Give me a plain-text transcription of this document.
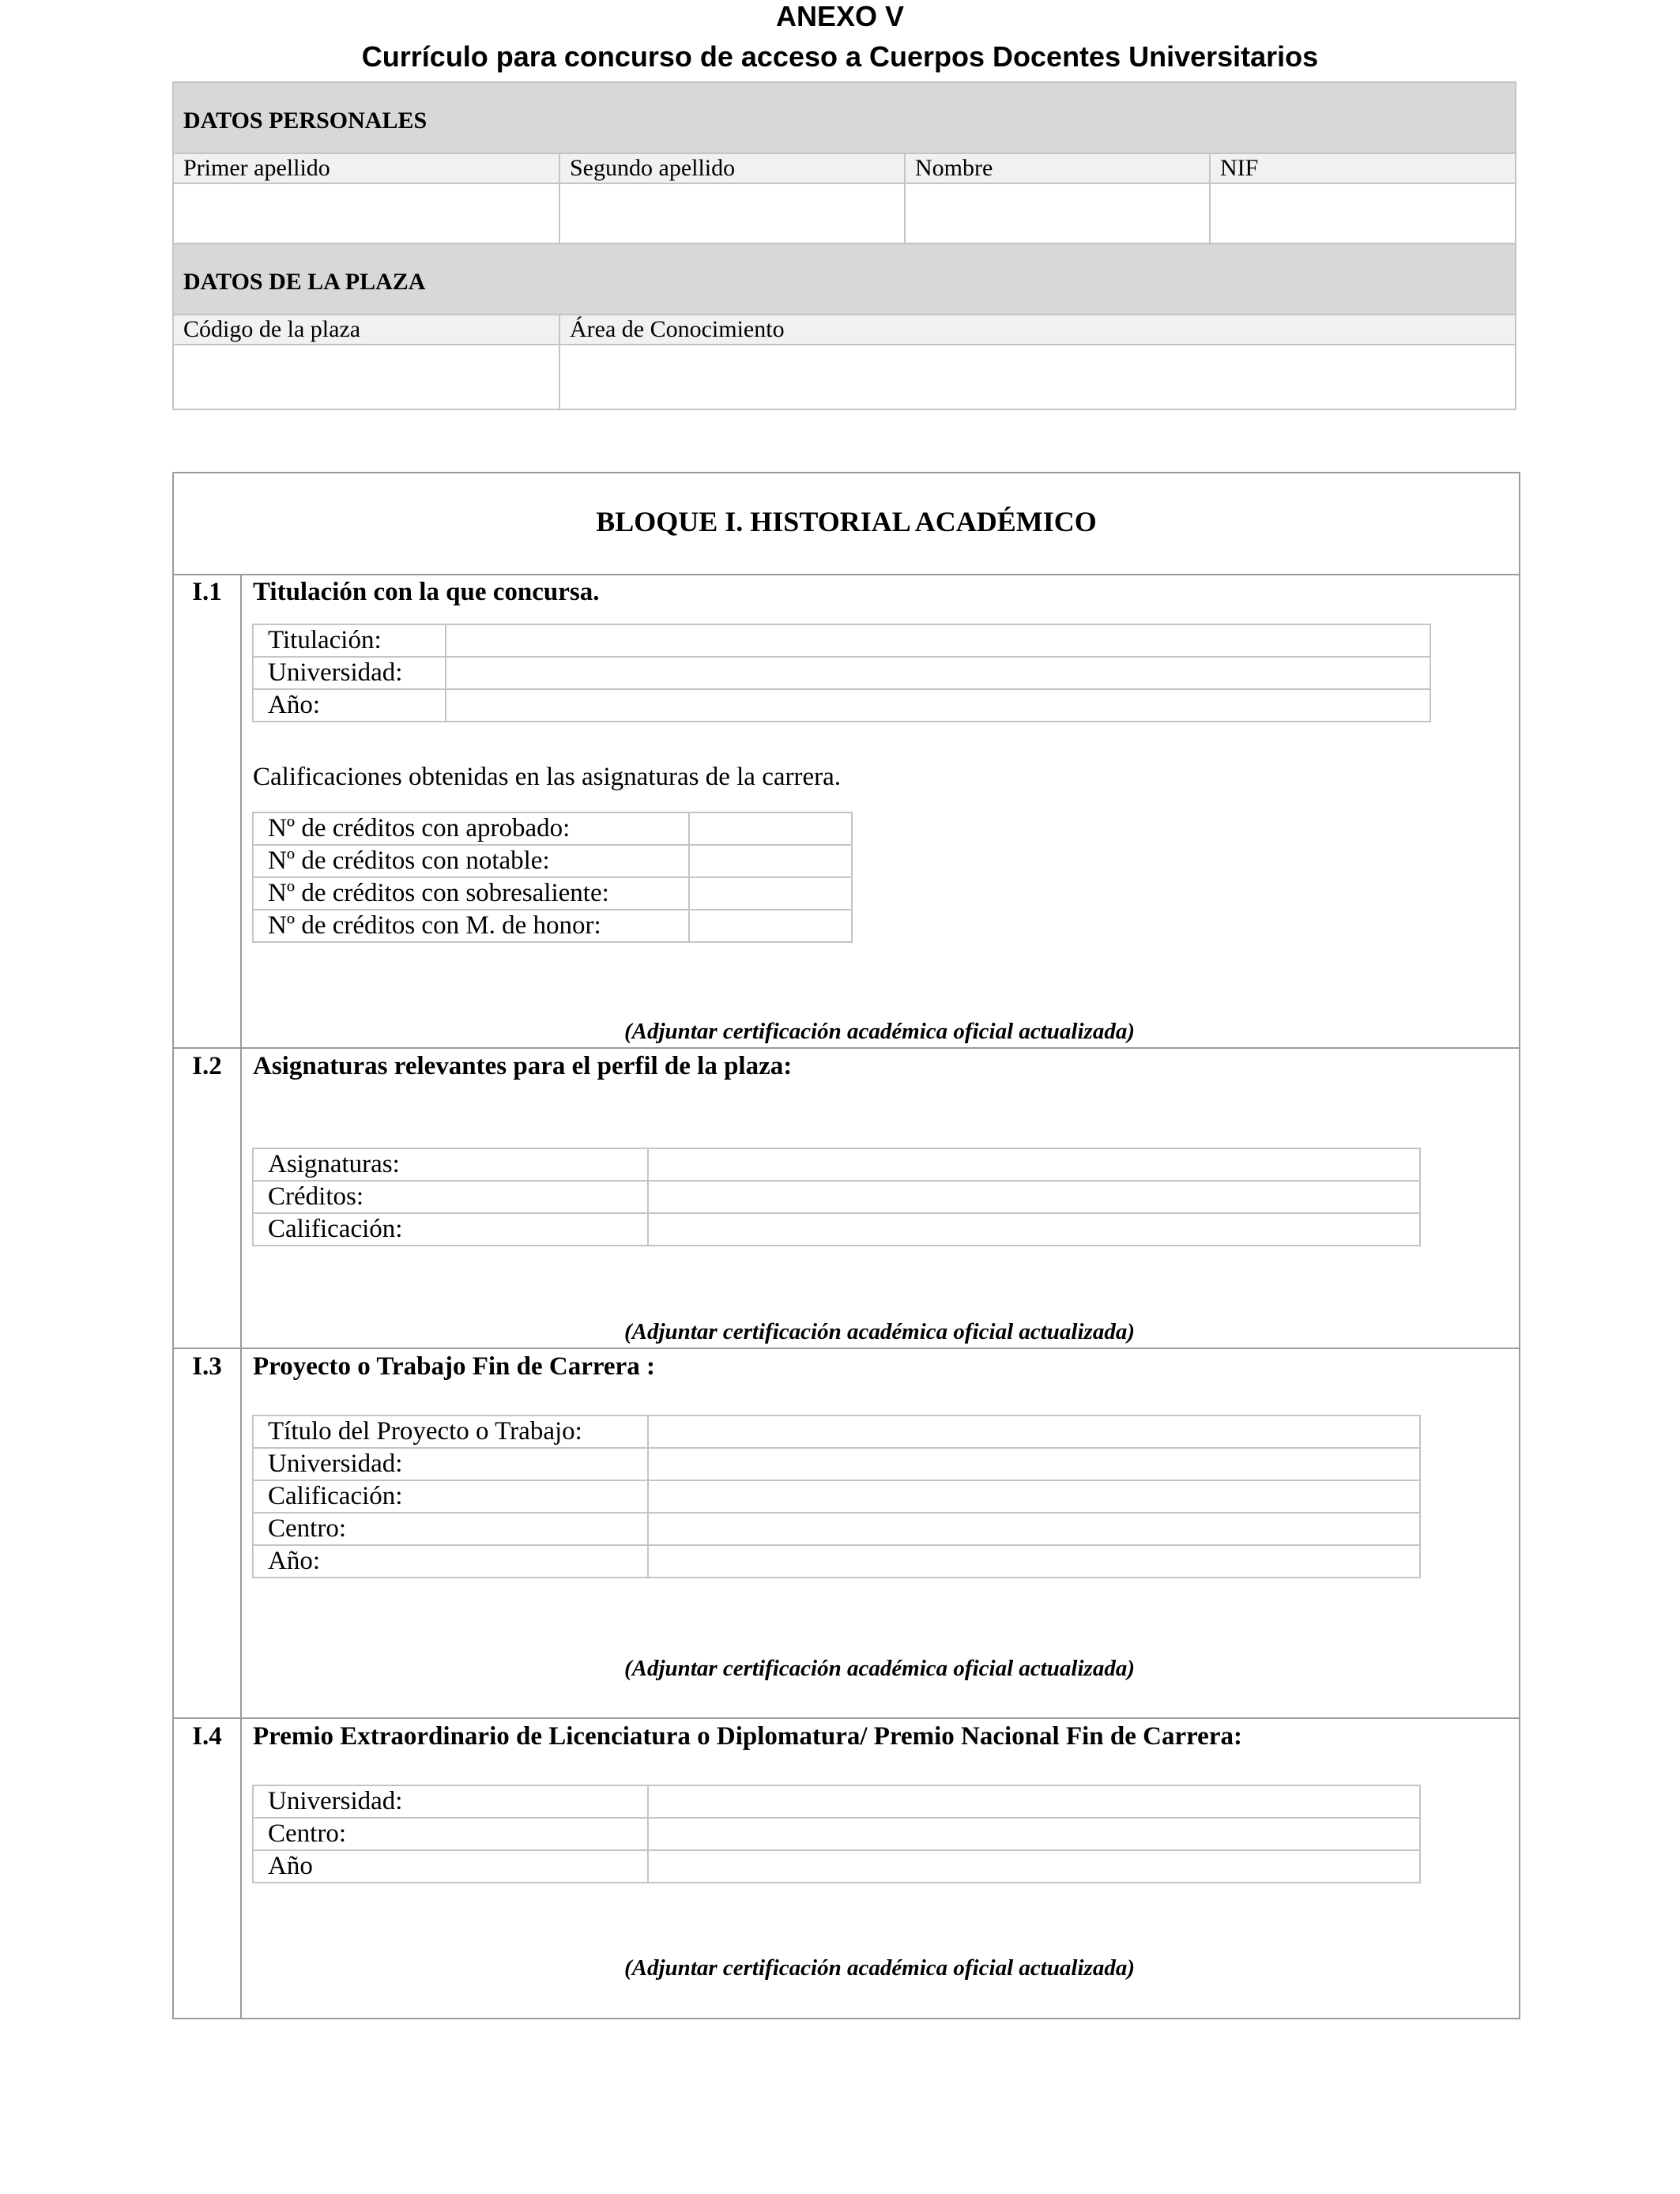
ANEXO V
Currículo para concurso de acceso a Cuerpos Docentes Universitarios
DATOS PERSONALES			
Primer apellido	Segundo apellido	Nombre	NIF

DATOS DE LA PLAZA	
Código de la plaza	Área de Conocimiento

BLOQUE I. HISTORIAL ACADÉMICO
I.1	Titulación con la que concursa.
Titulación:	
Universidad:	
Año:	
Calificaciones obtenidas en las asignaturas de la carrera.
Nº de créditos con aprobado:	
Nº de créditos con notable:	
Nº de créditos con sobresaliente:	
Nº de créditos con M. de honor:	
(Adjuntar certificación académica oficial actualizada)
I.2	Asignaturas relevantes para el perfil de la plaza:
Asignaturas:	
Créditos:	
Calificación:	
(Adjuntar certificación académica oficial actualizada)
I.3	Proyecto o Trabajo Fin de Carrera :
Título del Proyecto o Trabajo:	
Universidad:	
Calificación:	
Centro:	
Año:	
(Adjuntar certificación académica oficial actualizada)
I.4	Premio Extraordinario de Licenciatura o Diplomatura/ Premio Nacional Fin de Carrera:
Universidad:	
Centro:	
Año	
(Adjuntar certificación académica oficial actualizada)
